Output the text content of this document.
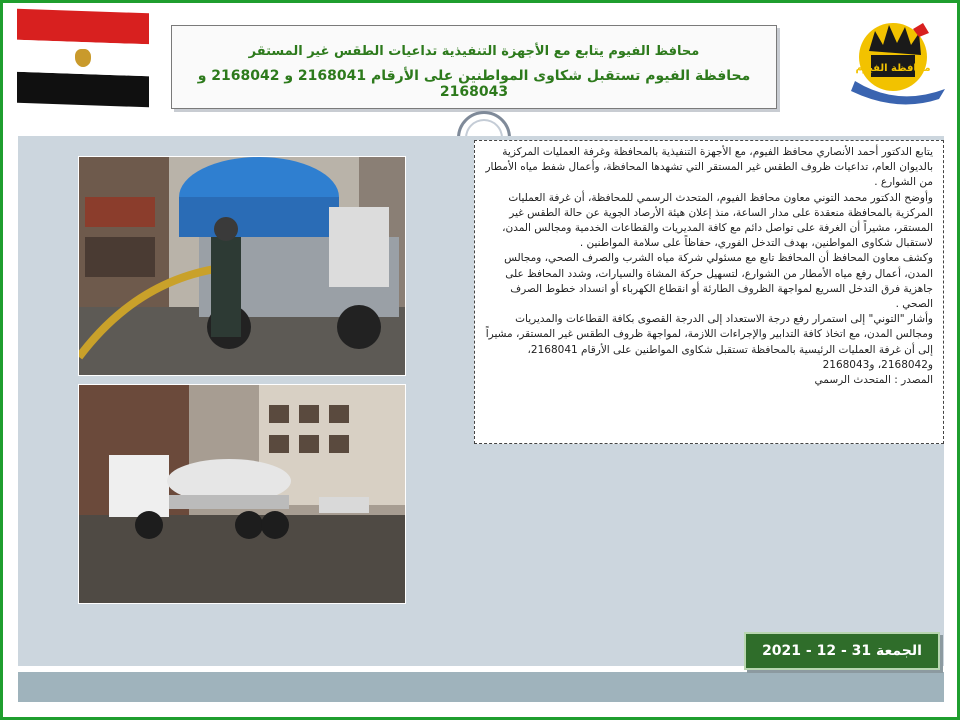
محافظ الفيوم يتابع مع الأجهزة التنفيذية تداعيات الطقس غير المستقر
محافظة الفيوم تستقبل شكاوى المواطنين على الأرقام 2168041 و 2168042 و 2168043
محافظة الفيوم

يتابع الدكتور أحمد الأنصاري محافظ الفيوم، مع الأجهزة التنفيذية بالمحافظة وغرفة العمليات المركزية بالديوان العام، تداعيات ظروف الطقس غير المستقر التي تشهدها المحافظة، وأعمال شفط مياه الأمطار من الشوارع .

وأوضح الدكتور محمد التوني معاون محافظ الفيوم، المتحدث الرسمي للمحافظة، أن غرفة العمليات المركزية بالمحافظة منعقدة على مدار الساعة، منذ إعلان هيئة الأرصاد الجوية عن حالة الطقس غير المستقر، مشيراً أن الغرفة على تواصل دائم مع كافة المديريات والقطاعات الخدمية ومجالس المدن، لاستقبال شكاوى المواطنين، بهدف التدخل الفوري، حفاظاً على سلامة المواطنين .

وكشف معاون المحافظ أن المحافظ تابع مع مسئولي شركة مياه الشرب والصرف الصحي، ومجالس المدن، أعمال رفع مياه الأمطار من الشوارع، لتسهيل حركة المشاة والسيارات، وشدد المحافظ على جاهزية فرق التدخل السريع لمواجهة الظروف الطارئة أو انقطاع الكهرباء أو انسداد خطوط الصرف الصحي .

وأشار "التوني" إلى استمرار رفع درجة الاستعداد إلى الدرجة القصوى بكافة القطاعات والمديريات ومجالس المدن، مع اتخاذ كافة التدابير والإجراءات اللازمة، لمواجهة ظروف الطقس غير المستقر، مشيراً إلى أن غرفة العمليات الرئيسية بالمحافظة تستقبل شكاوى المواطنين على الأرقام 2168041، و2168042، و2168043

المصدر : المتحدث الرسمي

الجمعة 31 - 12 - 2021
